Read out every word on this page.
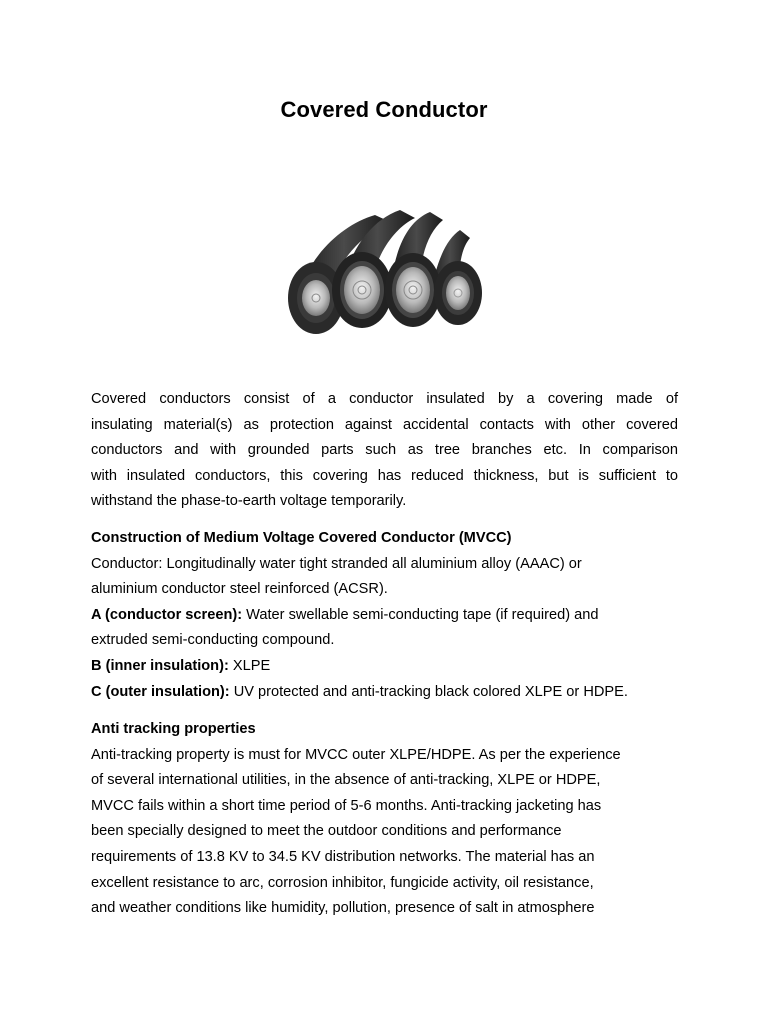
Covered Conductor
Covered conductors consist of a conductor insulated by a covering made of
insulating material(s) as protection against accidental contacts with other covered
conductors and with grounded parts such as tree branches etc. In comparison
with insulated conductors, this covering has reduced thickness, but is sufficient to
withstand the phase-to-earth voltage temporarily.
Construction of Medium Voltage Covered Conductor (MVCC)
Conductor: Longitudinally water tight stranded all aluminium alloy (AAAC) or
aluminium conductor steel reinforced (ACSR).
A (conductor screen): Water swellable semi-conducting tape (if required) and
extruded semi-conducting compound.
B (inner insulation): XLPE
C (outer insulation): UV protected and anti-tracking black colored XLPE or HDPE.
Anti tracking properties
Anti-tracking property is must for MVCC outer XLPE/HDPE. As per the experience
of several international utilities, in the absence of anti-tracking, XLPE or HDPE,
MVCC fails within a short time period of 5-6 months. Anti-tracking jacketing has
been specially designed to meet the outdoor conditions and performance
requirements of 13.8 KV to 34.5 KV distribution networks. The material has an
excellent resistance to arc, corrosion inhibitor, fungicide activity, oil resistance,
and weather conditions like humidity, pollution, presence of salt in atmosphere
